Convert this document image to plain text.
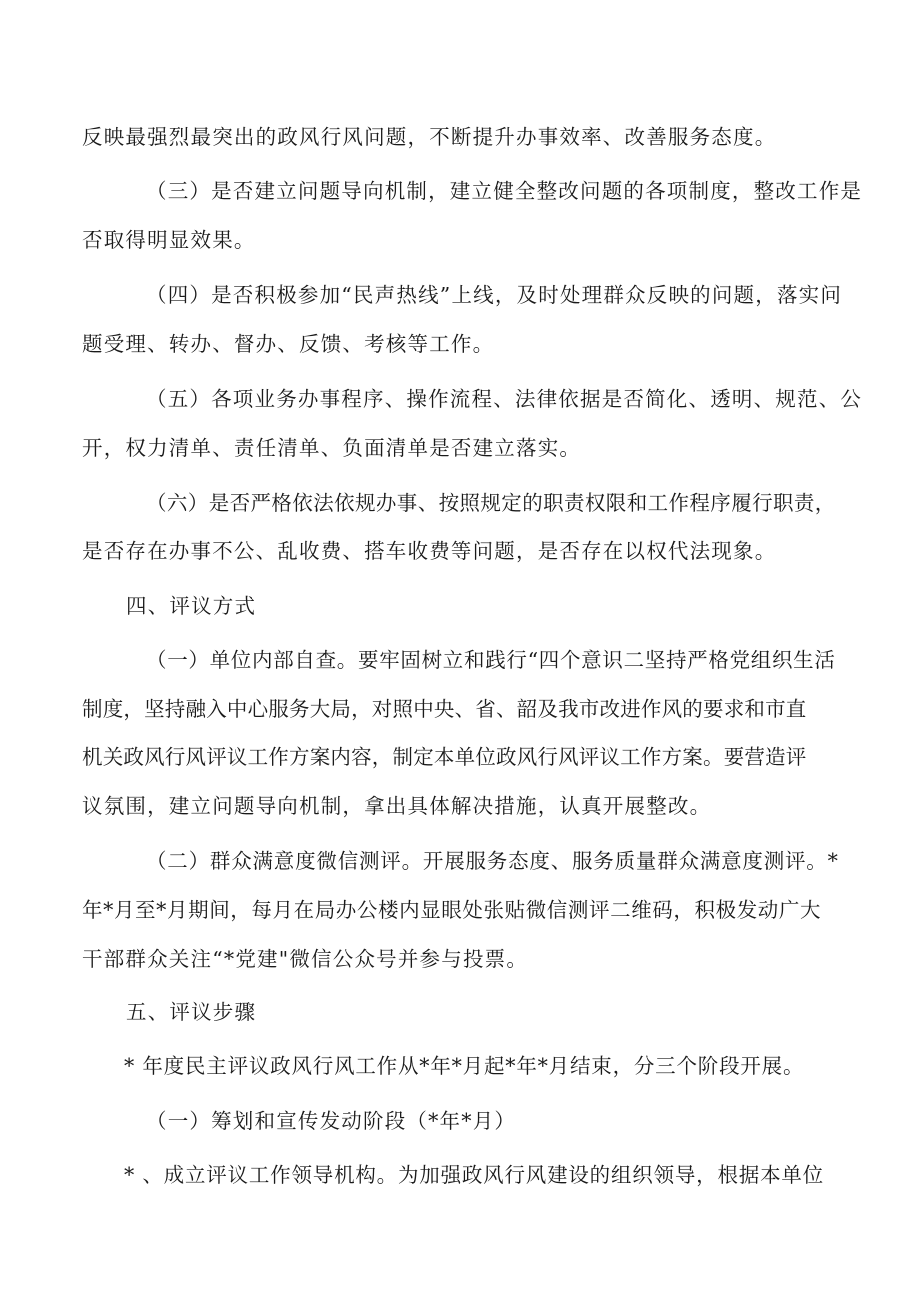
反映最强烈最突出的政风行风问题，不断提升办事效率、改善服务态度。
（三）是否建立问题导向机制，建立健全整改问题的各项制度，整改工作是
否取得明显效果。
（四）是否积极参加“民声热线”上线，及时处理群众反映的问题，落实问
题受理、转办、督办、反馈、考核等工作。
（五）各项业务办事程序、操作流程、法律依据是否简化、透明、规范、公
开，权力清单、责任清单、负面清单是否建立落实。
（六）是否严格依法依规办事、按照规定的职责权限和工作程序履行职责，
是否存在办事不公、乱收费、搭车收费等问题，是否存在以权代法现象。
四、评议方式
（一）单位内部自查。要牢固树立和践行“四个意识二坚持严格党组织生活
制度，坚持融入中心服务大局，对照中央、省、韶及我市改进作风的要求和市直
机关政风行风评议工作方案内容，制定本单位政风行风评议工作方案。要营造评
议氛围，建立问题导向机制，拿出具体解决措施，认真开展整改。
（二）群众满意度微信测评。开展服务态度、服务质量群众满意度测评。*
年*月至*月期间，每月在局办公楼内显眼处张贴微信测评二维码，积极发动广大
干部群众关注“*党建"微信公众号并参与投票。
五、评议步骤
* 年度民主评议政风行风工作从*年*月起*年*月结束，分三个阶段开展。
（一）筹划和宣传发动阶段（*年*月）
* 、成立评议工作领导机构。为加强政风行风建设的组织领导，根据本单位
